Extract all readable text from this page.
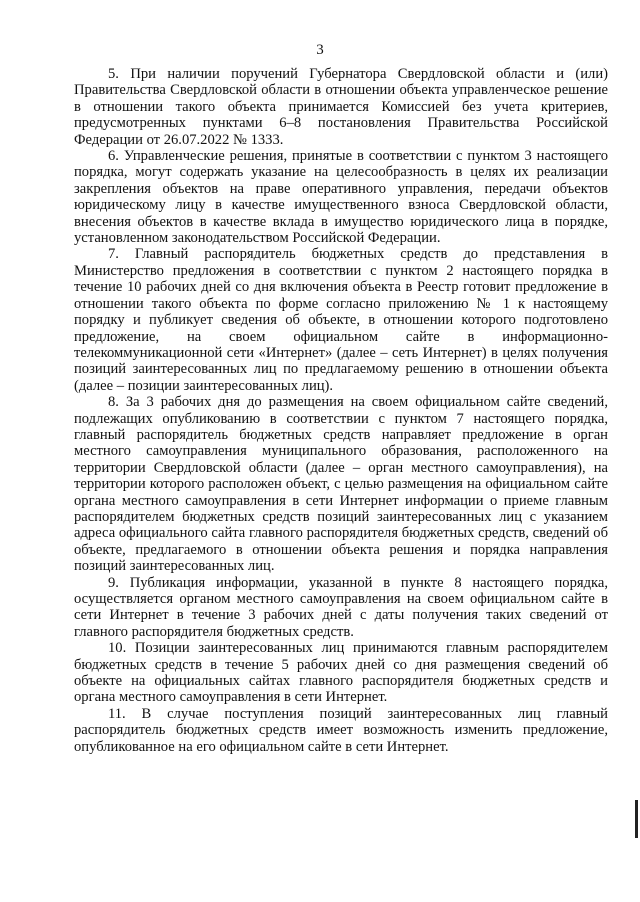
3

5. При наличии поручений Губернатора Свердловской области и (или) Правительства Свердловской области в отношении объекта управленческое решение в отношении такого объекта принимается Комиссией без учета критериев, предусмотренных пунктами 6–8 постановления Правительства Российской Федерации от 26.07.2022 № 1333.

6. Управленческие решения, принятые в соответствии с пунктом 3 настоящего порядка, могут содержать указание на целесообразность в целях их реализации закрепления объектов на праве оперативного управления, передачи объектов юридическому лицу в качестве имущественного взноса Свердловской области, внесения объектов в качестве вклада в имущество юридического лица в порядке, установленном законодательством Российской Федерации.

7. Главный распорядитель бюджетных средств до представления в Министерство предложения в соответствии с пунктом 2 настоящего порядка в течение 10 рабочих дней со дня включения объекта в Реестр готовит предложение в отношении такого объекта по форме согласно приложению № 1 к настоящему порядку и публикует сведения об объекте, в отношении которого подготовлено предложение, на своем официальном сайте в информационно-телекоммуникационной сети «Интернет» (далее – сеть Интернет) в целях получения позиций заинтересованных лиц по предлагаемому решению в отношении объекта (далее – позиции заинтересованных лиц).

8. За 3 рабочих дня до размещения на своем официальном сайте сведений, подлежащих опубликованию в соответствии с пунктом 7 настоящего порядка, главный распорядитель бюджетных средств направляет предложение в орган местного самоуправления муниципального образования, расположенного на территории Свердловской области (далее – орган местного самоуправления), на территории которого расположен объект, с целью размещения на официальном сайте органа местного самоуправления в сети Интернет информации о приеме главным распорядителем бюджетных средств позиций заинтересованных лиц с указанием адреса официального сайта главного распорядителя бюджетных средств, сведений об объекте, предлагаемого в отношении объекта решения и порядка направления позиций заинтересованных лиц.

9. Публикация информации, указанной в пункте 8 настоящего порядка, осуществляется органом местного самоуправления на своем официальном сайте в сети Интернет в течение 3 рабочих дней с даты получения таких сведений от главного распорядителя бюджетных средств.

10. Позиции заинтересованных лиц принимаются главным распорядителем бюджетных средств в течение 5 рабочих дней со дня размещения сведений об объекте на официальных сайтах главного распорядителя бюджетных средств и органа местного самоуправления в сети Интернет.

11. В случае поступления позиций заинтересованных лиц главный распорядитель бюджетных средств имеет возможность изменить предложение, опубликованное на его официальном сайте в сети Интернет.
